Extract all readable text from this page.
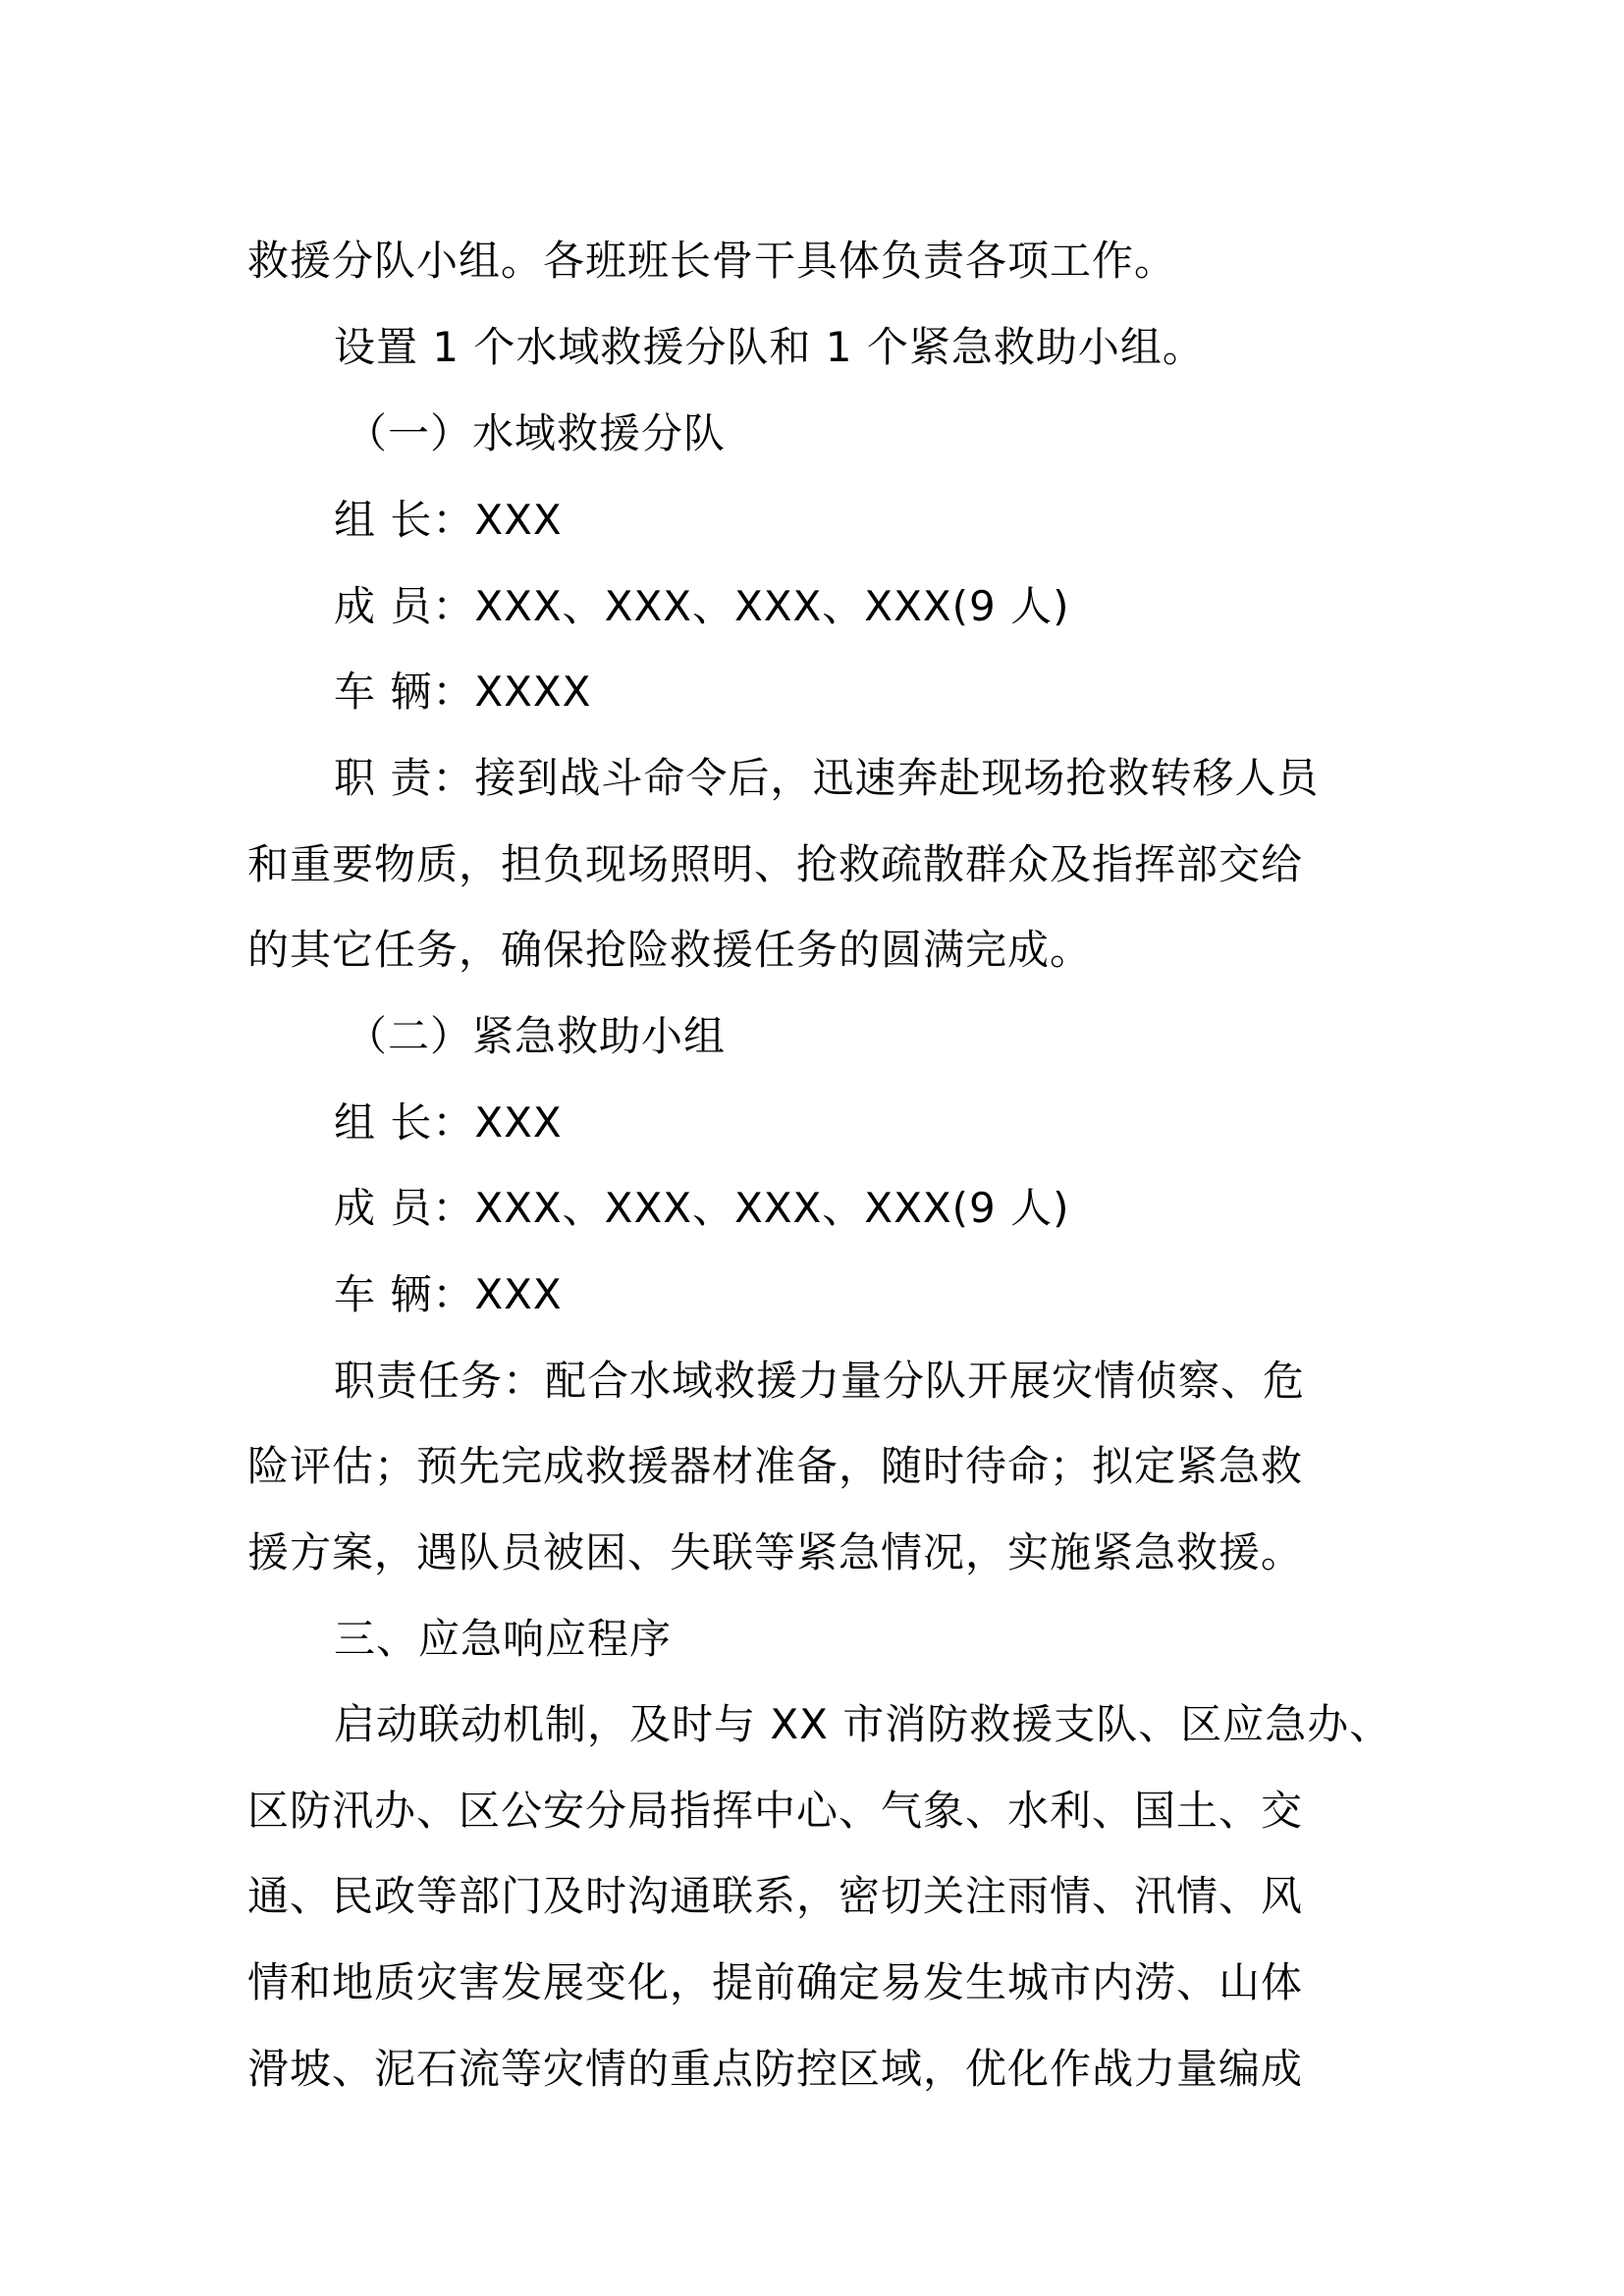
救援分队小组。各班班长骨干具体负责各项工作。
设置 1 个水域救援分队和 1 个紧急救助小组。
（一）水域救援分队
组 长：XXX
成 员：XXX、XXX、XXX、XXX(9 人)
车 辆：XXXX
职 责：接到战斗命令后，迅速奔赴现场抢救转移人员
和重要物质，担负现场照明、抢救疏散群众及指挥部交给
的其它任务，确保抢险救援任务的圆满完成。
（二）紧急救助小组
组 长：XXX
成 员：XXX、XXX、XXX、XXX(9 人)
车 辆：XXX
职责任务：配合水域救援力量分队开展灾情侦察、危
险评估；预先完成救援器材准备，随时待命；拟定紧急救
援方案，遇队员被困、失联等紧急情况，实施紧急救援。
三、应急响应程序
启动联动机制，及时与 XX 市消防救援支队、区应急办、
区防汛办、区公安分局指挥中心、气象、水利、国土、交
通、民政等部门及时沟通联系，密切关注雨情、汛情、风
情和地质灾害发展变化，提前确定易发生城市内涝、山体
滑坡、泥石流等灾情的重点防控区域，优化作战力量编成
